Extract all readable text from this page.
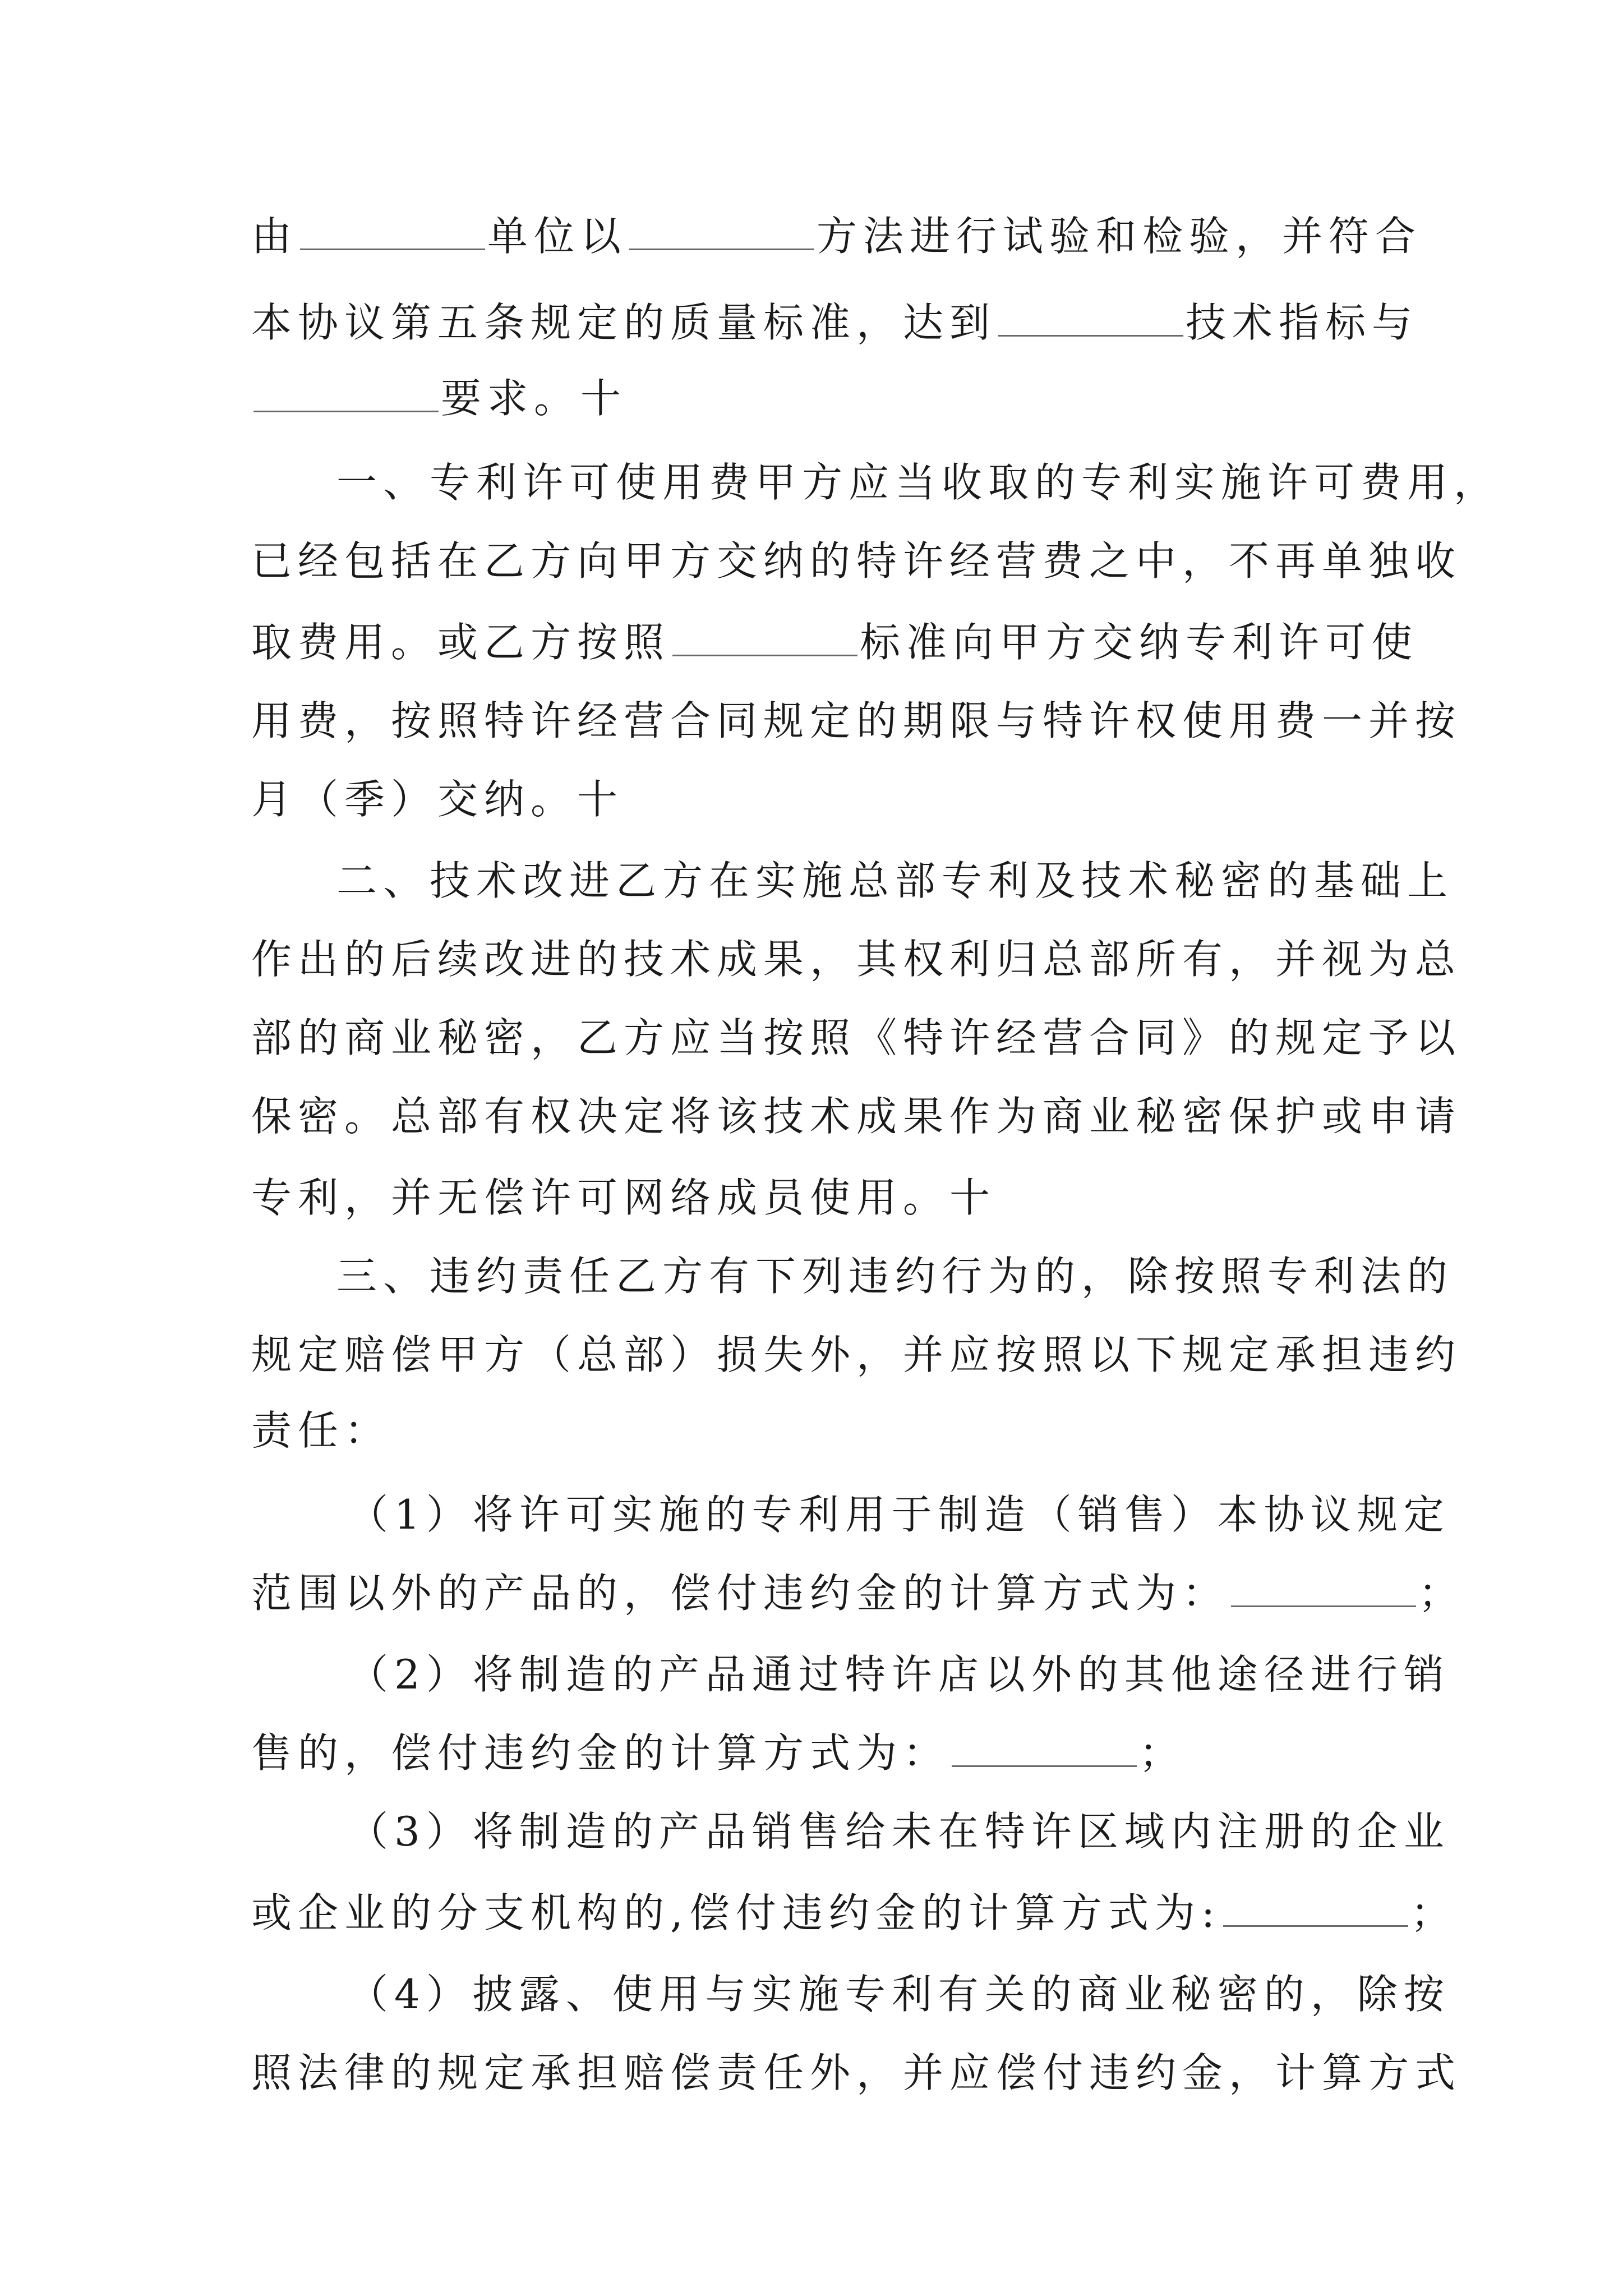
由	单位以	方法进行试验和检验，并符合
本协议第五条规定的质量标准，达到	技术指标与
要求。十
一、专利许可使用费甲方应当收取的专利实施许可费用，
已经包括在乙方向甲方交纳的特许经营费之中，不再单独收
取费用。或乙方按照	标准向甲方交纳专利许可使
用费，按照特许经营合同规定的期限与特许权使用费一并按
月（季）交纳。十
二、技术改进乙方在实施总部专利及技术秘密的基础上
作出的后续改进的技术成果，其权利归总部所有，并视为总
部的商业秘密，乙方应当按照《特许经营合同》的规定予以
保密。总部有权决定将该技术成果作为商业秘密保护或申请
专利，并无偿许可网络成员使用。十
三、违约责任乙方有下列违约行为的，除按照专利法的
规定赔偿甲方（总部）损失外，并应按照以下规定承担违约
责任：
（1）将许可实施的专利用于制造（销售）本协议规定
范围以外的产品的，偿付违约金的计算方式为：	；
（2）将制造的产品通过特许店以外的其他途径进行销
售的，偿付违约金的计算方式为：	；
（3）将制造的产品销售给未在特许区域内注册的企业
或企业的分支机构的,偿付违约金的计算方式为:	；
（4）披露、使用与实施专利有关的商业秘密的，除按
照法律的规定承担赔偿责任外，并应偿付违约金，计算方式
